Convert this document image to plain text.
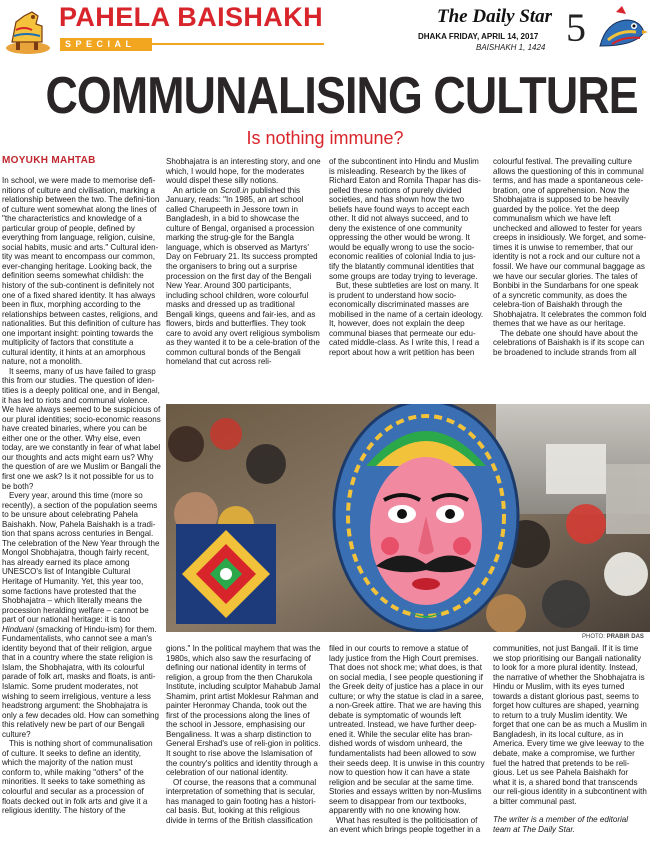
PAHELA BAISHAKH
SPECIAL
The Daily Star
DHAKA FRIDAY, APRIL 14, 2017
BAISHAKH 1, 1424 5
COMMUNALISING CULTURE
Is nothing immune?
MOYUKH MAHTAB

In school, we were made to memorise defi-nitions of culture and civilisation, marking a relationship between the two. The defini-tion of culture went somewhat along the lines of "the characteristics and knowledge of a particular group of people, defined by everything from language, religion, cuisine, social habits, music and arts." Cultural iden-tity was meant to encompass our common, ever-changing heritage. Looking back, the definition seems somewhat childish: the history of the sub-continent is definitely not one of a fixed shared identity. It has always been in flux, morphing according to the relationships between castes, religions, and nationalities. But this definition of culture has one important insight: pointing towards the multiplicity of factors that constitute a cultural identity, it hints at an amorphous nature, not a monolith.

It seems, many of us have failed to grasp this from our studies. The question of iden-tities is a deeply political one, and in Bengal, it has led to riots and communal violence. We have always seemed to be suspicious of our plural identities; socio-economic reasons have created binaries, where you can be either one or the other. Why else, even today, are we constantly in fear of what label our thoughts and acts might earn us? Why the question of are we Muslim or Bangali the first one we ask? Is it not possible for us to be both?

Every year, around this time (more so recently), a section of the population seems to be unsure about celebrating Pahela Baishakh. Now, Pahela Baishakh is a tradi-tion that spans across centuries in Bengal. The celebration of the New Year through the Mongol Shobhajatra, though fairly recent, has already earned its place among UNESCO's list of Intangible Cultural Heritage of Humanity. Yet, this year too, some factions have protested that the Shobhajatra – which literally means the procession heralding welfare – cannot be part of our national heritage: it is too Hinduani (smacking of Hindu-ism) for them. Fundamentalists, who cannot see a man's identity beyond that of their religion, argue that in a country where the state religion is Islam, the Shobhajatra, with its colourful parade of folk art, masks and floats, is anti-Islamic. Some prudent moderates, not wishing to seem irreligious, venture a less headstrong argument: the Shobhajatra is only a few decades old. How can something this relatively new be part of our Bengali culture?

This is nothing short of communalisation of culture. It seeks to define an identity, which the majority of the nation must conform to, while making "others" of the minorities. It seeks to take something as colourful and secular as a procession of floats decked out in folk arts and give it a religious identity. The history of the

Shobhajatra is an interesting story, and one which, I would hope, for the moderates would dispel these silly notions.

An article on Scroll.in published this January, reads: "In 1985, an art school called Charupeeth in Jessore town in Bangladesh, in a bid to showcase the culture of Bengal, organised a procession marking the strug-gle for the Bangla language, which is observed as Martyrs' Day on February 21. Its success prompted the organisers to bring out a surprise procession on the first day of the Bengali New Year. Around 300 participants, including school children, wore colourful masks and dressed up as traditional Bengali kings, queens and fair-ies, and as flowers, birds and butterflies. They took care to avoid any overt religious symbolism as they wanted it to be a cele-bration of the common cultural bonds of the Bengali homeland that cut across reli-

of the subcontinent into Hindu and Muslim is misleading. Research by the likes of Richard Eaton and Romila Thapar has dis-pelled these notions of purely divided societies, and has shown how the two beliefs have found ways to accept each other. It did not always succeed, and to deny the existence of one community oppressing the other would be wrong. It would be equally wrong to use the socio-economic realities of colonial India to jus-tify the blatantly communal identities that some groups are today trying to leverage.

But, these subtleties are lost on many. It is prudent to understand how socio-economically discriminated masses are mobilised in the name of a certain ideology. It, however, does not explain the deep communal biases that permeate our edu-cated middle-class. As I write this, I read a report about how a writ petition has been

colourful festival. The prevailing culture allows the questioning of this in communal terms, and has made a spontaneous cele-bration, one of apprehension. Now the Shobhajatra is supposed to be heavily guarded by the police. Yet the deep communalism which we have left unchecked and allowed to fester for years creeps in insidiously. We forget, and some-times it is unwise to remember, that our identity is not a rock and our culture not a fossil. We have our communal baggage as we have our secular glories. The tales of Bonbibi in the Sundarbans for one speak of a syncretic community, as does the celebra-tion of Baishakh through the Shobhajatra. It celebrates the common fold themes that we have as our heritage.

The debate one should have about the celebrations of Baishakh is if its scope can be broadened to include strands from all

PHOTO: PRABIR DAS

gions." In the political mayhem that was the 1980s, which also saw the resurfacing of defining our national identity in terms of religion, a group from the then Charukola Institute, including sculptor Mahabub Jamal Shamim, print artist Moklesur Rahman and painter Heronmay Chanda, took out the first of the processions along the lines of the school in Jessore, emphasising our Bengaliness. It was a sharp distinction to General Ershad's use of reli-gion in politics. It sought to rise above the Islamisation of the country's politics and identity through a celebration of our national identity.

Of course, the reasons that a communal interpretation of something that is secular, has managed to gain footing has a histori-cal basis. But, looking at this religious divide in terms of the British classification

filed in our courts to remove a statue of lady justice from the High Court premises. That does not shock me; what does, is that on social media, I see people questioning if the Greek deity of justice has a place in our culture; or why the statue is clad in a saree, a non-Greek attire. That we are having this debate is symptomatic of wounds left untreated. Instead, we have further deep-ened it. While the secular elite has bran-dished words of wisdom unheard, the fundamentalists had been allowed to sow their seeds deep. It is unwise in this country now to question how it can have a state religion and be secular at the same time. Stories and essays written by non-Muslims seem to disappear from our textbooks, apparently with no one knowing how.

What has resulted is the politicisation of an event which brings people together in a

communities, not just Bangali. If it is time we stop prioritising our Bangali nationality to look for a more plural identity. Instead, the narrative of whether the Shobhajatra is Hindu or Muslim, with its eyes turned towards a distant glorious past, seems to forget how cultures are shaped, yearning to return to a truly Muslim identity. We forget that one can be as much a Muslim in Bangladesh, in its local culture, as in America. Every time we give leeway to the debate, make a compromise, we further fuel the hatred that pretends to be reli-gious. Let us see Pahela Baishakh for what it is, a shared bond that transcends our reli-gious identity in a subcontinent with a bitter communal past.

The writer is a member of the editorial team at The Daily Star.
